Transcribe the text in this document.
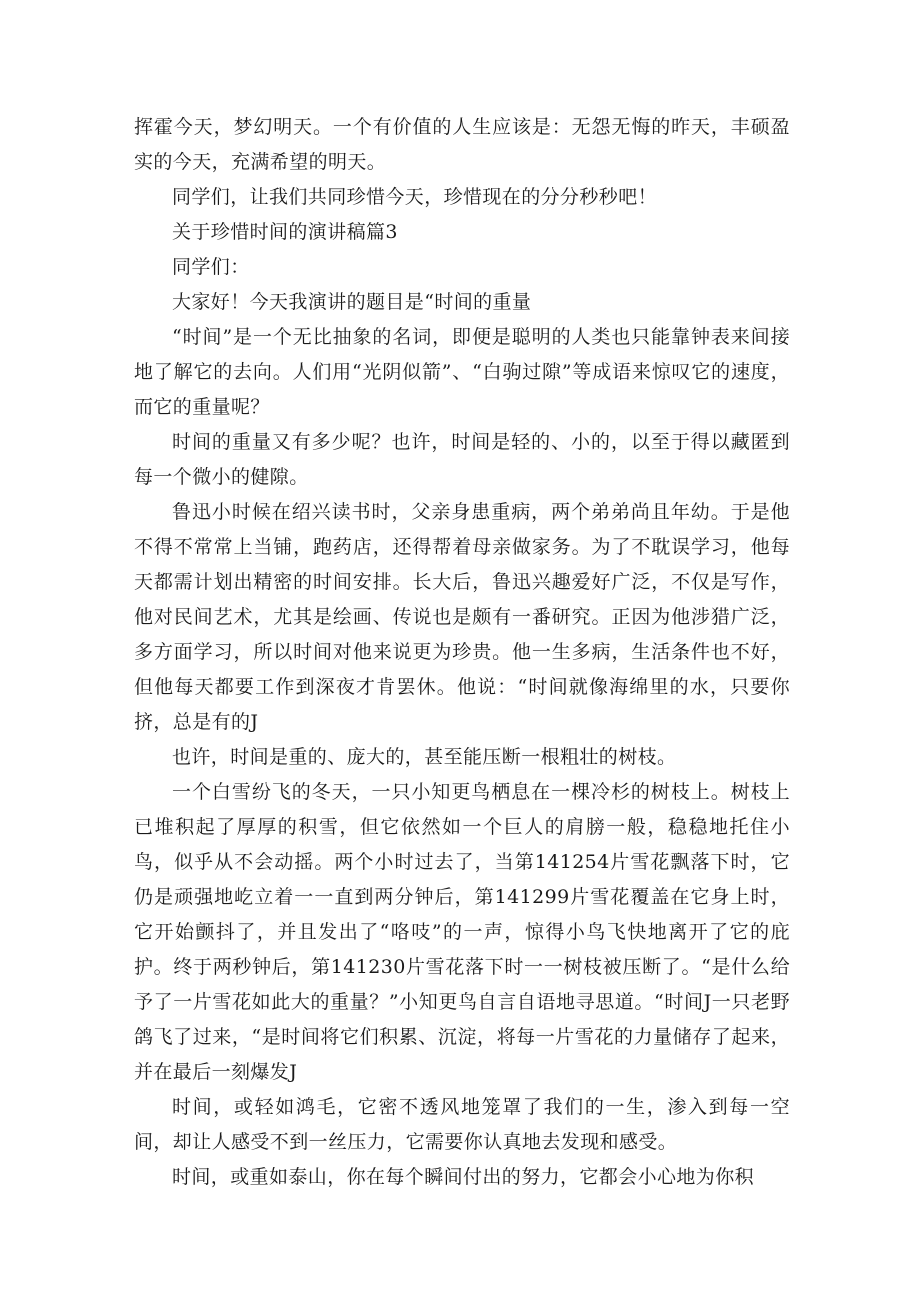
挥霍今天，梦幻明天。一个有价值的人生应该是：无怨无悔的昨天，丰硕盈实的今天，充满希望的明天。

同学们，让我们共同珍惜今天，珍惜现在的分分秒秒吧！

关于珍惜时间的演讲稿篇3

同学们：

大家好！今天我演讲的题目是“时间的重量

“时间”是一个无比抽象的名词，即便是聪明的人类也只能靠钟表来间接地了解它的去向。人们用“光阴似箭”、“白驹过隙”等成语来惊叹它的速度，而它的重量呢？

时间的重量又有多少呢？也许，时间是轻的、小的，以至于得以藏匿到每一个微小的健隙。

鲁迅小时候在绍兴读书时，父亲身患重病，两个弟弟尚且年幼。于是他不得不常常上当铺，跑药店，还得帮着母亲做家务。为了不耽误学习，他每天都需计划出精密的时间安排。长大后，鲁迅兴趣爱好广泛，不仅是写作，他对民间艺术，尤其是绘画、传说也是颇有一番研究。正因为他涉猎广泛，多方面学习，所以时间对他来说更为珍贵。他一生多病，生活条件也不好，但他每天都要工作到深夜才肯罢休。他说：“时间就像海绵里的水，只要你挤，总是有的J

也许，时间是重的、庞大的，甚至能压断一根粗壮的树枝。

一个白雪纷飞的冬天，一只小知更鸟栖息在一棵冷杉的树枝上。树枝上已堆积起了厚厚的积雪，但它依然如一个巨人的肩膀一般，稳稳地托住小鸟，似乎从不会动摇。两个小时过去了，当第141254片雪花飘落下时，它仍是顽强地屹立着一一直到两分钟后，第141299片雪花覆盖在它身上时，它开始颤抖了，并且发出了“咯吱”的一声，惊得小鸟飞快地离开了它的庇护。终于两秒钟后，第141230片雪花落下时一一树枝被压断了。“是什么给予了一片雪花如此大的重量？”小知更鸟自言自语地寻思道。“时间J一只老野鸽飞了过来，“是时间将它们积累、沉淀，将每一片雪花的力量储存了起来，并在最后一刻爆发J

时间，或轻如鸿毛，它密不透风地笼罩了我们的一生，渗入到每一空间，却让人感受不到一丝压力，它需要你认真地去发现和感受。

时间，或重如泰山，你在每个瞬间付出的努力，它都会小心地为你积
